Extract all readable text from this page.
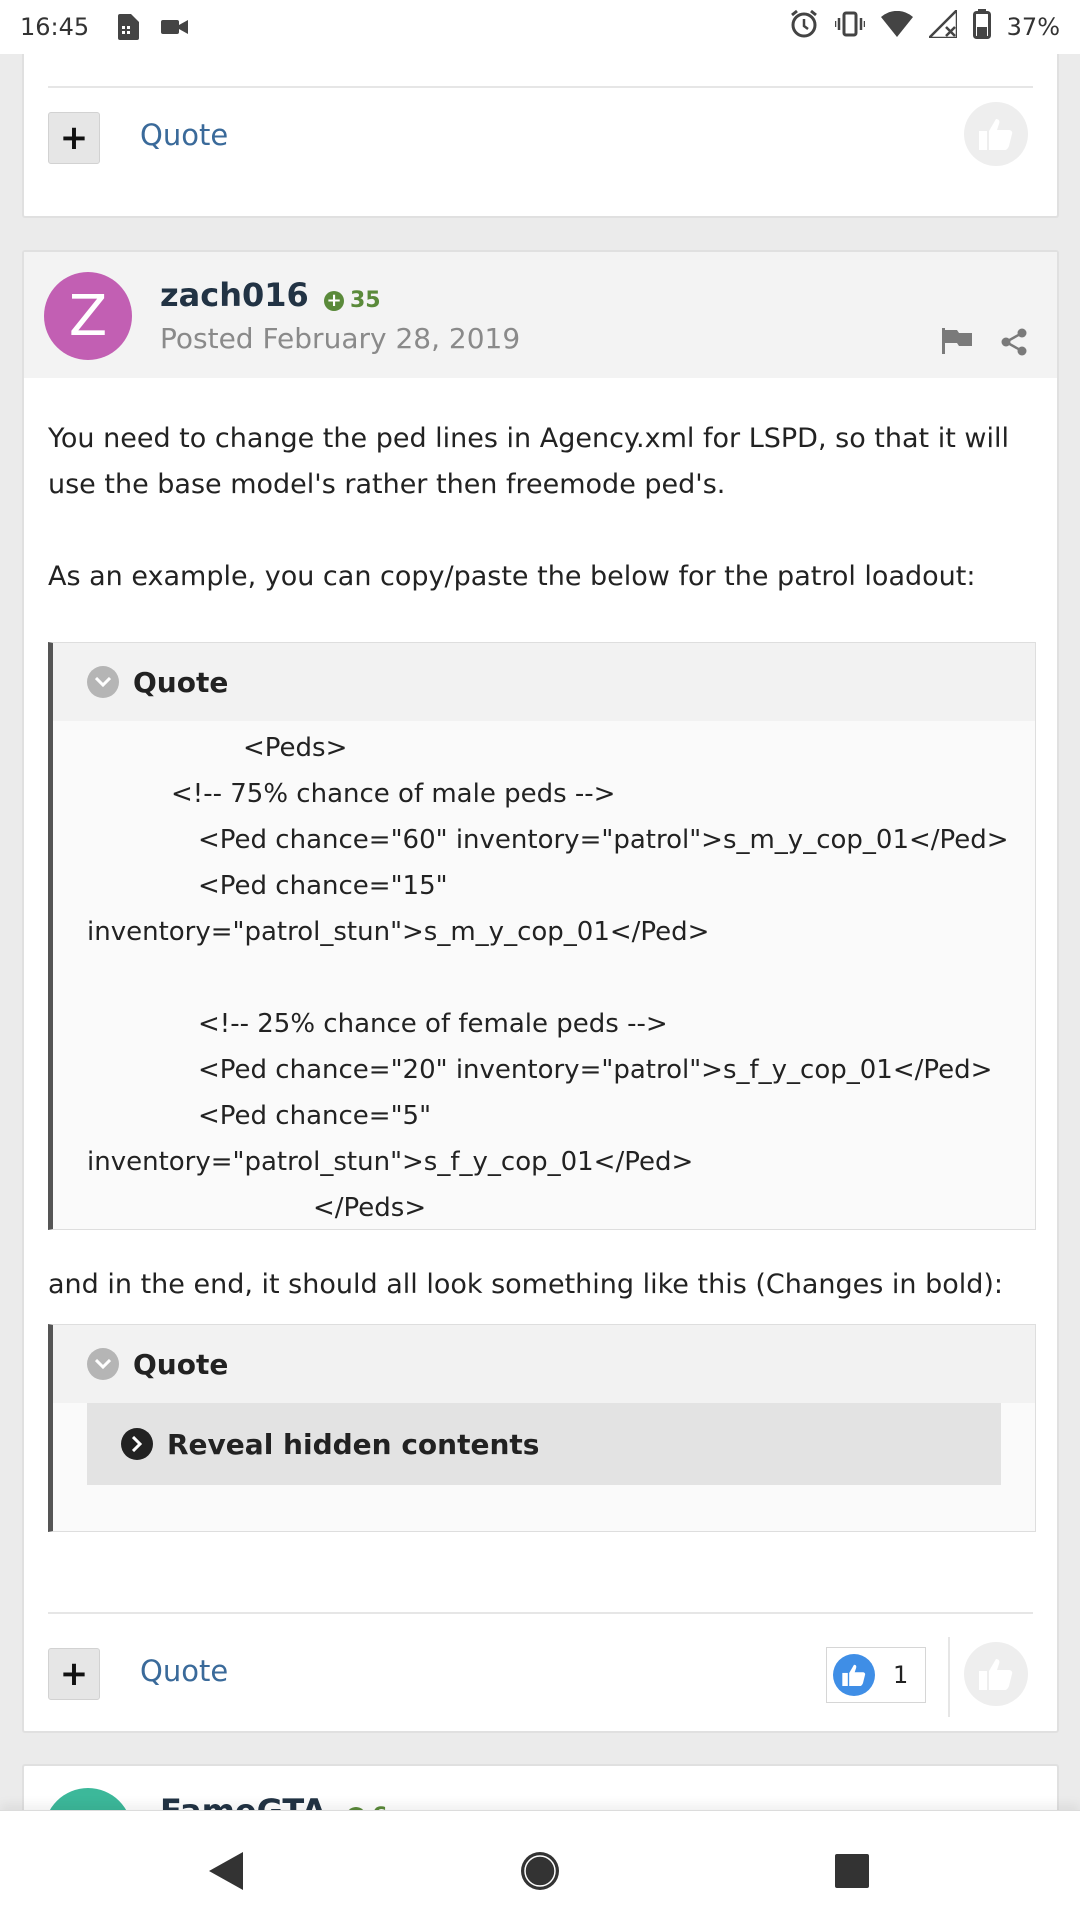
16:45	37%
+	Quote
Z	zach016 + 35
Posted February 28, 2019
You need to change the ped lines in Agency.xml for LSPD, so that it will use the base model's rather then freemode ped's.
As an example, you can copy/paste the below for the patrol loadout:
Quote
<Peds>
<!-- 75% chance of male peds -->
<Ped chance="60" inventory="patrol">s_m_y_cop_01</Ped>
<Ped chance="15"
inventory="patrol_stun">s_m_y_cop_01</Ped>
<!-- 25% chance of female peds -->
<Ped chance="20" inventory="patrol">s_f_y_cop_01</Ped>
<Ped chance="5"
inventory="patrol_stun">s_f_y_cop_01</Ped>
</Peds>
and in the end, it should all look something like this (Changes in bold):
Quote
Reveal hidden contents
+	Quote	1
